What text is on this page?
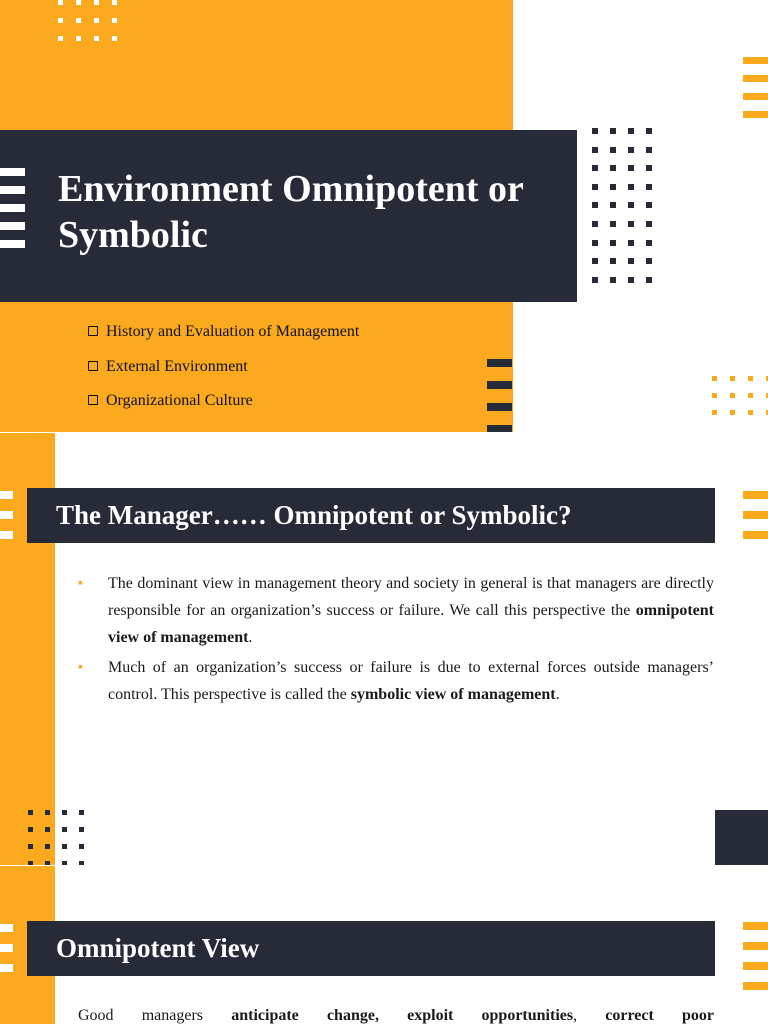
Environment Omnipotent or Symbolic
History and Evaluation of Management
External Environment
Organizational Culture
The Manager…… Omnipotent or Symbolic?

▪ The dominant view in management theory and society in general is that managers are directly responsible for an organization’s success or failure. We call this perspective the omnipotent view of management.

▪ Much of an organization’s success or failure is due to external forces outside managers’ control. This perspective is called the symbolic view of management.

Omnipotent View
Good managers anticipate change, exploit opportunities, correct poor
